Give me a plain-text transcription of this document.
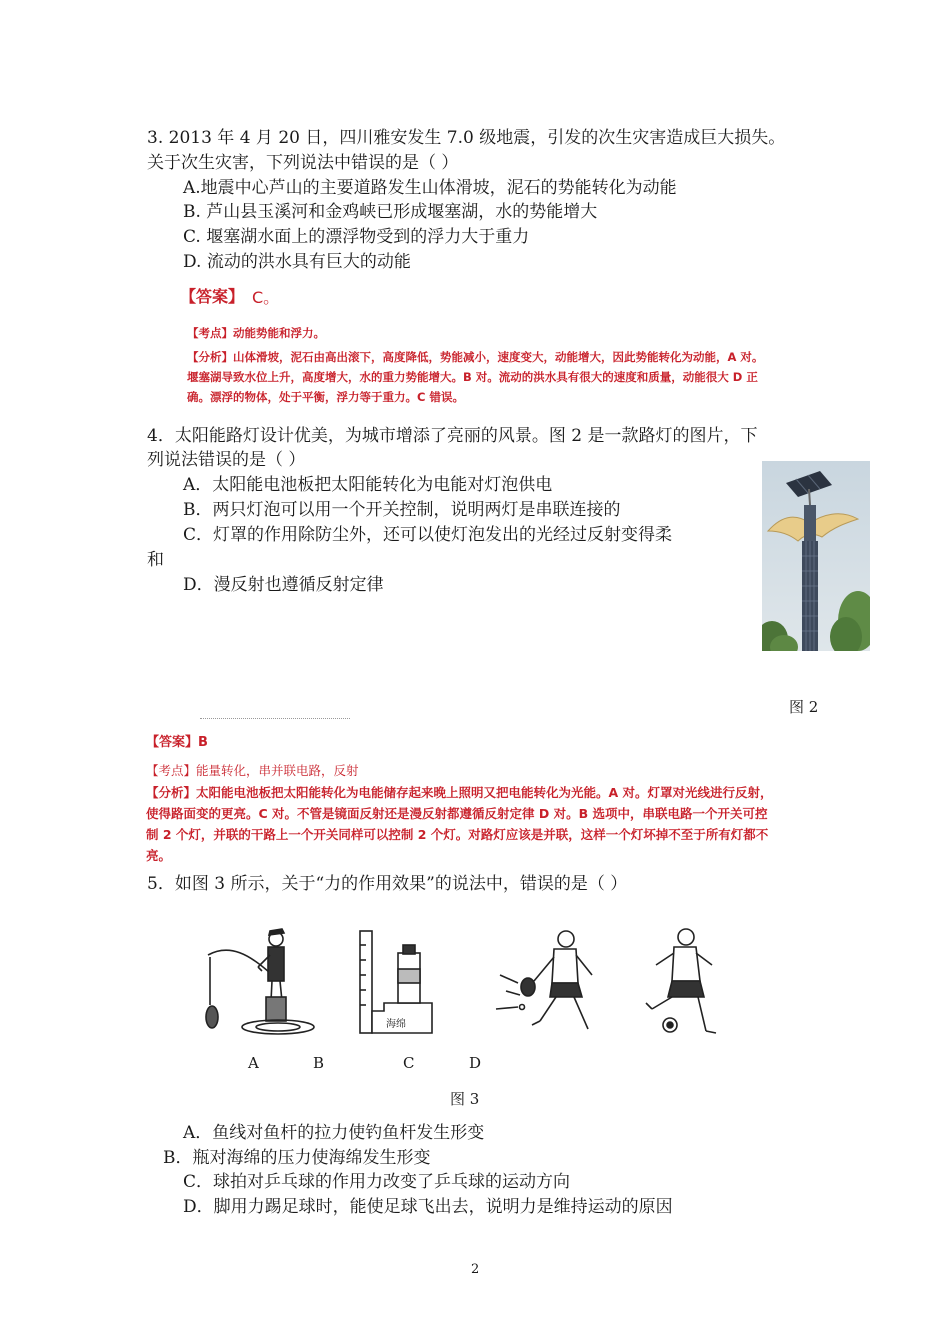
3. 2013 年 4 月 20 日，四川雅安发生 7.0 级地震，引发的次生灾害造成巨大损失。
关于次生灾害，下列说法中错误的是（ ）
A.地震中心芦山的主要道路发生山体滑坡，泥石的势能转化为动能
B. 芦山县玉溪河和金鸡峡已形成堰塞湖，水的势能增大
C. 堰塞湖水面上的漂浮物受到的浮力大于重力
D. 流动的洪水具有巨大的动能
【答案】 C。
【考点】动能势能和浮力。
【分析】山体滑坡，泥石由高出滚下，高度降低，势能减小，速度变大，动能增大，因此势能转化为动能，A 对。
堰塞湖导致水位上升，高度增大，水的重力势能增大。B 对。流动的洪水具有很大的速度和质量，动能很大 D 正
确。漂浮的物体，处于平衡，浮力等于重力。C 错误。
4．太阳能路灯设计优美，为城市增添了亮丽的风景。图 2 是一款路灯的图片，下
列说法错误的是（ ）
A．太阳能电池板把太阳能转化为电能对灯泡供电
B．两只灯泡可以用一个开关控制，说明两灯是串联连接的
C．灯罩的作用除防尘外，还可以使灯泡发出的光经过反射变得柔
和
D．漫反射也遵循反射定律
图 2
【答案】B
【考点】能量转化，串并联电路，反射
【分析】太阳能电池板把太阳能转化为电能储存起来晚上照明又把电能转化为光能。A 对。灯罩对光线进行反射，
使得路面变的更亮。C 对。不管是镜面反射还是漫反射都遵循反射定律 D 对。B 选项中，串联电路一个开关可控
制 2 个灯，并联的干路上一个开关同样可以控制 2 个灯。对路灯应该是并联，这样一个灯坏掉不至于所有灯都不
亮。
5．如图 3 所示，关于“力的作用效果”的说法中，错误的是（ ）
海绵
A	B	C	D
图 3
A．鱼线对鱼杆的拉力使钓鱼杆发生形变
B．瓶对海绵的压力使海绵发生形变
C．球拍对乒乓球的作用力改变了乒乓球的运动方向
D．脚用力踢足球时，能使足球飞出去，说明力是维持运动的原因
2
